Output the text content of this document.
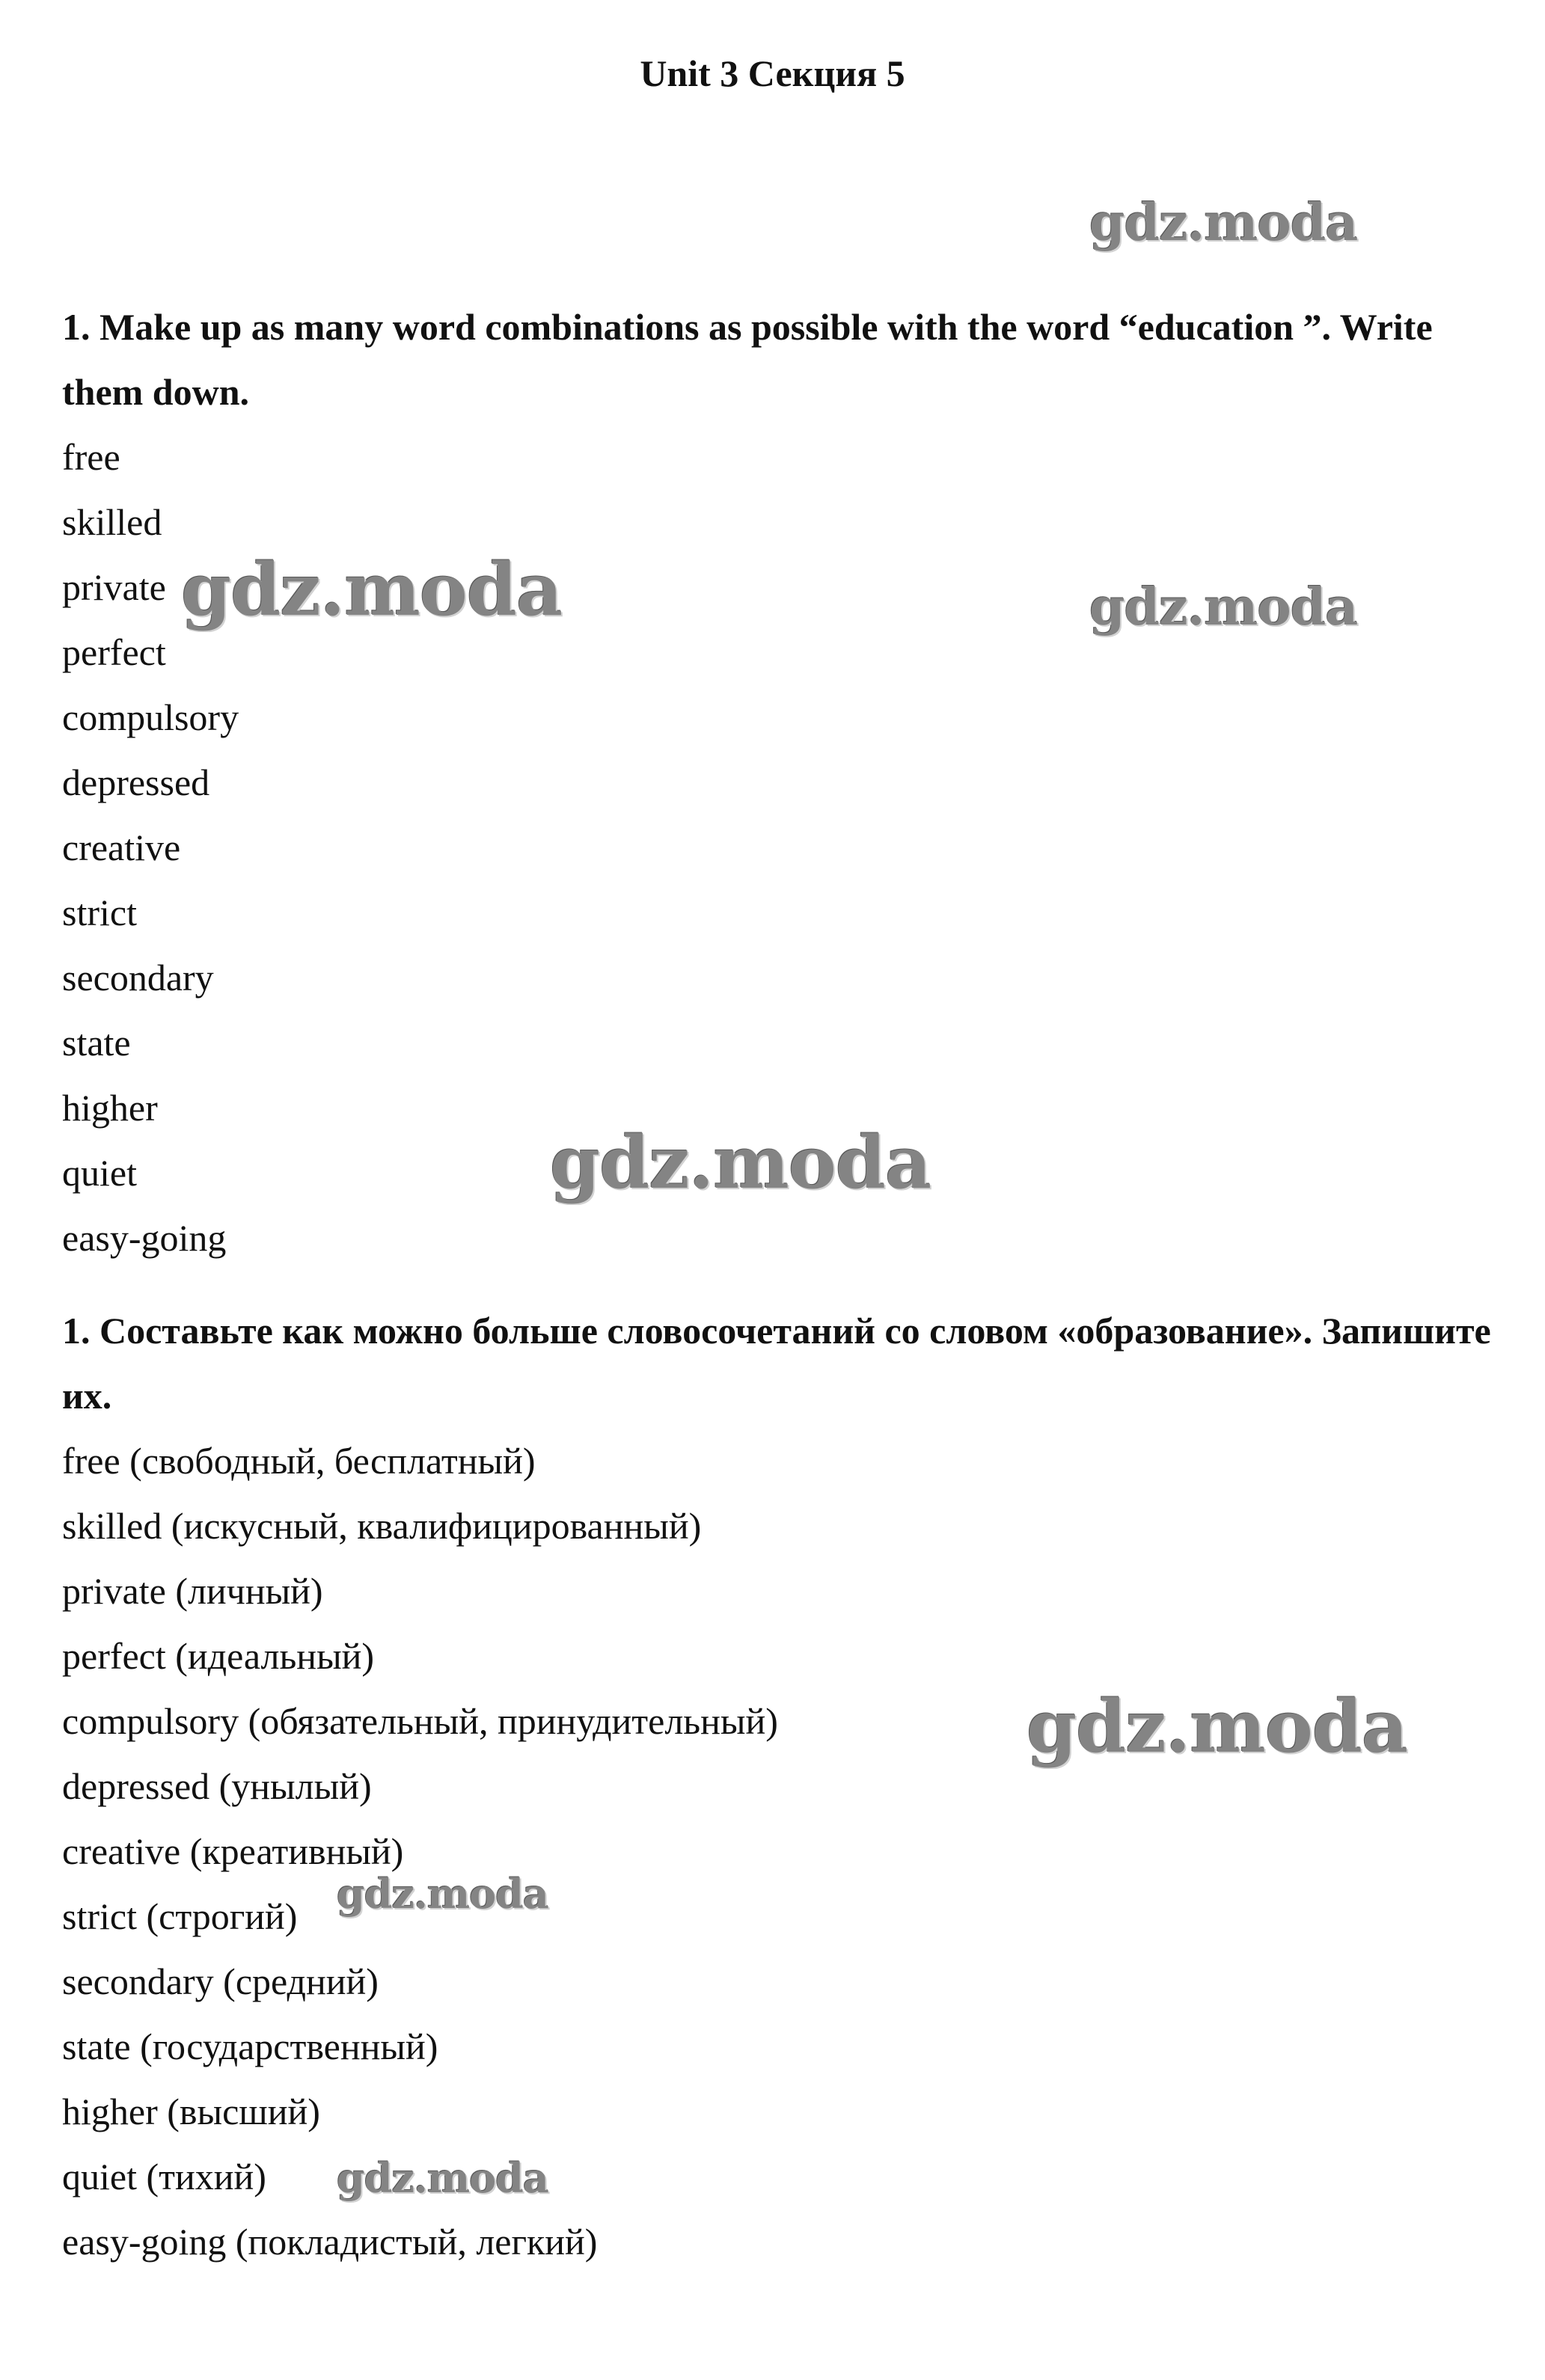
Unit 3 Секция 5

1. Make up as many word combinations as possible with the word “education ”. Write them down.

free
skilled
private
perfect
compulsory
depressed
creative
strict
secondary
state
higher
quiet
easy-going

1. Составьте как можно больше словосочетаний со словом «образование». Запишите их.

free (свободный, бесплатный)
skilled (искусный, квалифицированный)
private (личный)
perfect (идеальный)
compulsory (обязательный, принудительный)
depressed (унылый)
creative (креативный)
strict (строгий)
secondary (средний)
state (государственный)
higher (высший)
quiet (тихий)
easy-going (покладистый, легкий)
gdz.moda
gdz.moda	gdz.moda
gdz.moda
gdz.moda
gdz.moda
gdz.moda
